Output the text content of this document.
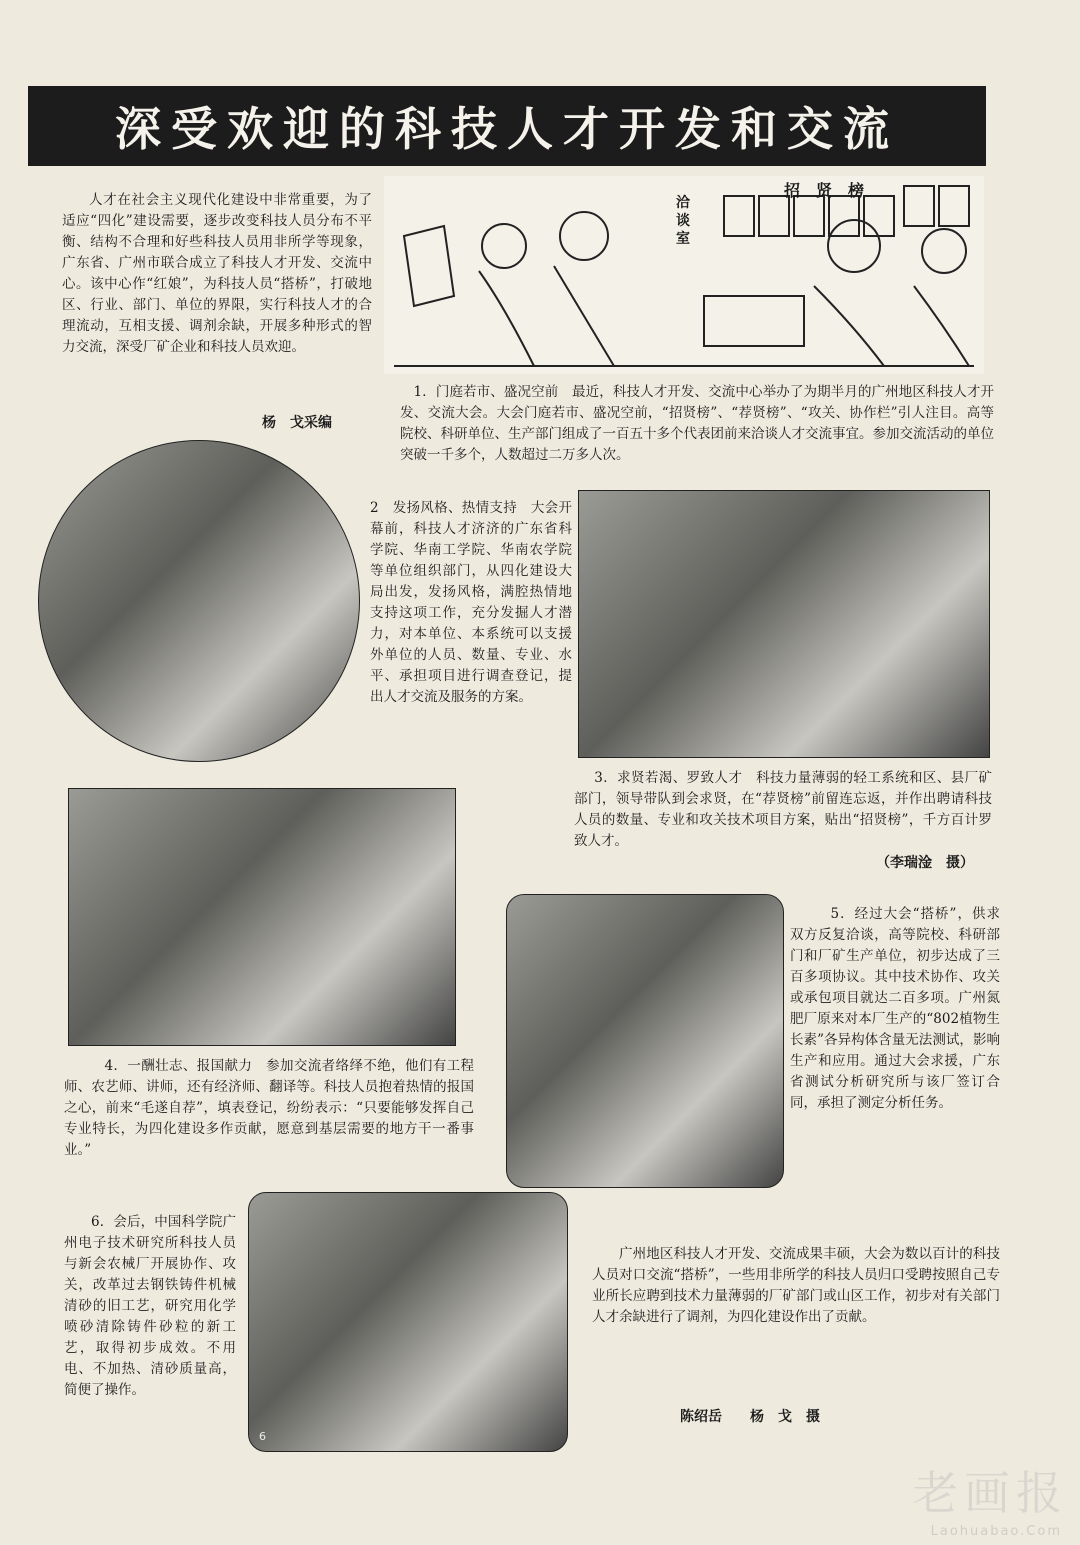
深受欢迎的科技人才开发和交流
人才在社会主义现代化建设中非常重要，为了适应“四化”建设需要，逐步改变科技人员分布不平衡、结构不合理和好些科技人员用非所学等现象，广东省、广州市联合成立了科技人才开发、交流中心。该中心作“红娘”，为科技人员“搭桥”，打破地区、行业、部门、单位的界限，实行科技人才的合理流动，互相支援、调剂余缺，开展多种形式的智力交流，深受厂矿企业和科技人员欢迎。
杨　戈采编
招　贤　榜
洽谈室
1．门庭若市、盛况空前　最近，科技人才开发、交流中心举办了为期半月的广州地区科技人才开发、交流大会。大会门庭若市、盛况空前，“招贤榜”、“荐贤榜”、“攻关、协作栏”引人注目。高等院校、科研单位、生产部门组成了一百五十多个代表团前来洽谈人才交流事宜。参加交流活动的单位突破一千多个，人数超过二万多人次。
2　发扬风格、热情支持　大会开幕前，科技人才济济的广东省科学院、华南工学院、华南农学院等单位组织部门，从四化建设大局出发，发扬风格，满腔热情地支持这项工作，充分发掘人才潜力，对本单位、本系统可以支援外单位的人员、数量、专业、水平、承担项目进行调查登记，提出人才交流及服务的方案。
3．求贤若渴、罗致人才　科技力量薄弱的轻工系统和区、县厂矿部门，领导带队到会求贤，在“荐贤榜”前留连忘返，并作出聘请科技人员的数量、专业和攻关技术项目方案，贴出“招贤榜”，千方百计罗致人才。
（李瑞淦　摄）
4．一酬壮志、报国献力　参加交流者络绎不绝，他们有工程师、农艺师、讲师，还有经济师、翻译等。科技人员抱着热情的报国之心，前来“毛遂自荐”，填表登记，纷纷表示：“只要能够发挥自己专业特长，为四化建设多作贡献，愿意到基层需要的地方干一番事业。”
5．经过大会“搭桥”，供求双方反复洽谈，高等院校、科研部门和厂矿生产单位，初步达成了三百多项协议。其中技术协作、攻关或承包项目就达二百多项。广州氮肥厂原来对本厂生产的“802植物生长素”各异构体含量无法测试，影响生产和应用。通过大会求援，广东省测试分析研究所与该厂签订合同，承担了测定分析任务。
6．会后，中国科学院广州电子技术研究所科技人员与新会农械厂开展协作、攻关，改革过去钢铁铸件机械清砂的旧工艺，研究用化学喷砂清除铸件砂粒的新工艺，取得初步成效。不用电、不加热、清砂质量高，简便了操作。
6
广州地区科技人才开发、交流成果丰硕，大会为数以百计的科技人员对口交流“搭桥”，一些用非所学的科技人员归口受聘按照自己专业所长应聘到技术力量薄弱的厂矿部门或山区工作，初步对有关部门人才余缺进行了调剂，为四化建设作出了贡献。
陈绍岳　　杨　戈　摄
老画报
Laohuabao.Com
